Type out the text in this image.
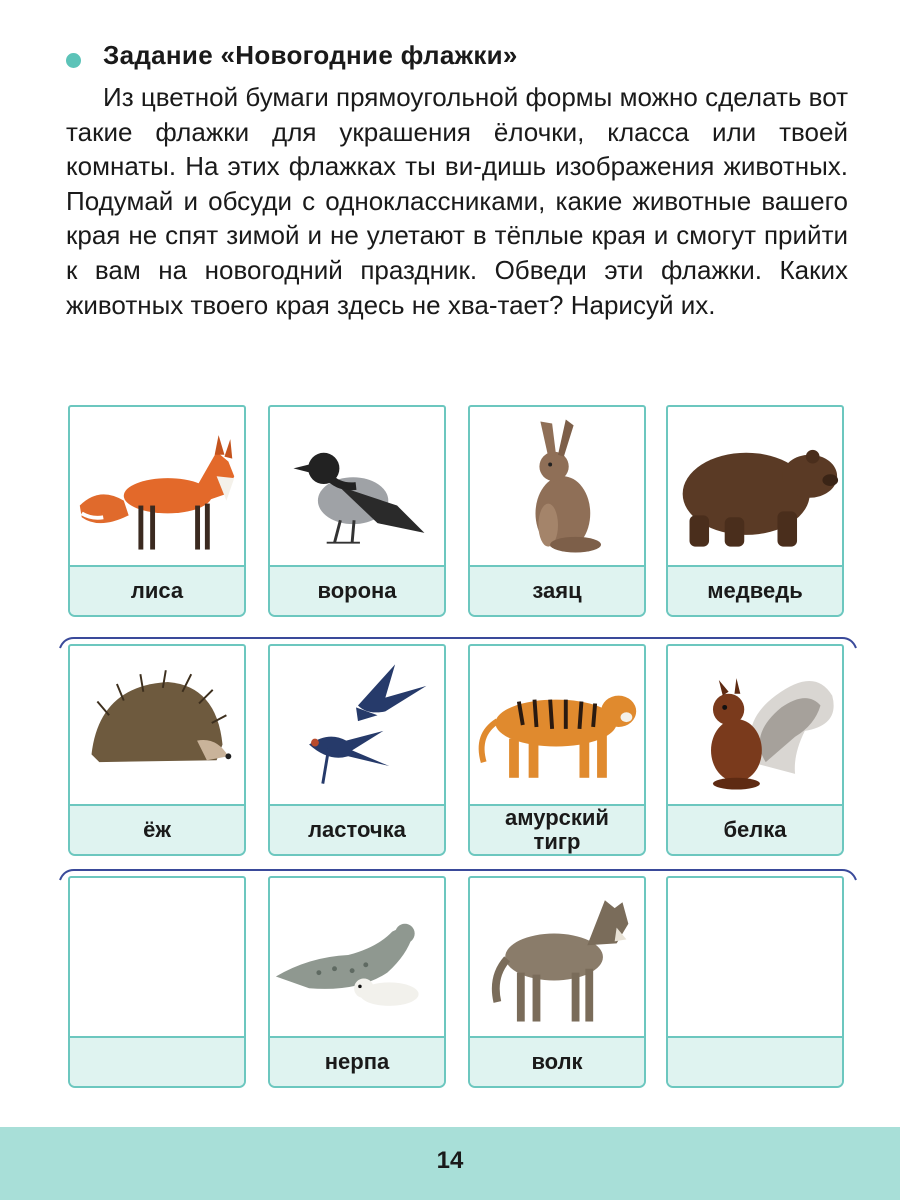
Задание «Новогодние флажки»

Из цветной бумаги прямоугольной формы можно сделать вот такие флажки для украшения ёлочки, класса или твоей комнаты. На этих флажках ты ви-дишь изображения животных. Подумай и обсуди с одноклассниками, какие животные вашего края не спят зимой и не улетают в тёплые края и смогут прийти к вам на новогодний праздник. Обведи эти флажки. Каких животных твоего края здесь не хва-тает? Нарисуй их.

лиса	ворона	заяц	медведь
ёж	ласточка	амурский
тигр	белка
нерпа	волк
14
